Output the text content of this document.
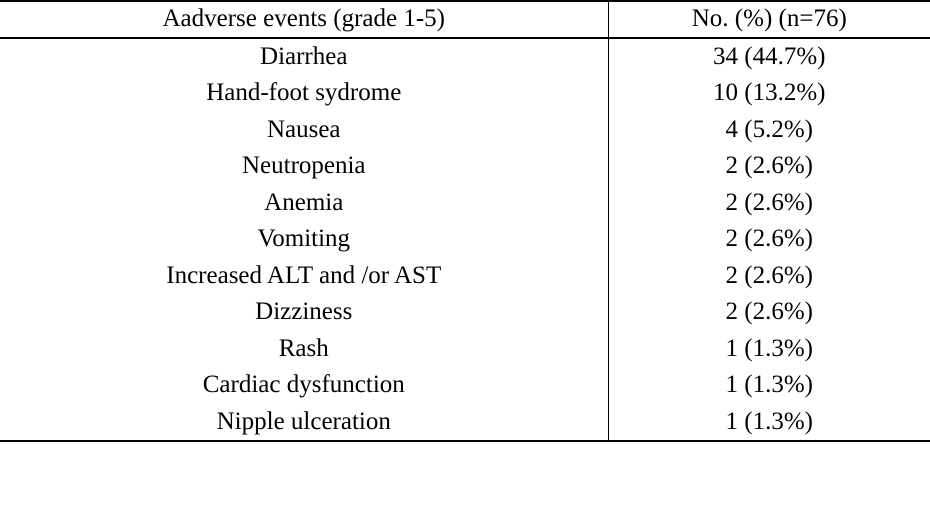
Aadverse events (grade 1-5)	No. (%) (n=76)

Diarrhea	34 (44.7%)

Hand-foot sydrome	10 (13.2%)

Nausea	4 (5.2%)

Neutropenia	2 (2.6%)

Anemia	2 (2.6%)

Vomiting	2 (2.6%)

Increased ALT and /or AST	2 (2.6%)

Dizziness	2 (2.6%)

Rash	1 (1.3%)

Cardiac dysfunction	1 (1.3%)

Nipple ulceration	1 (1.3%)
